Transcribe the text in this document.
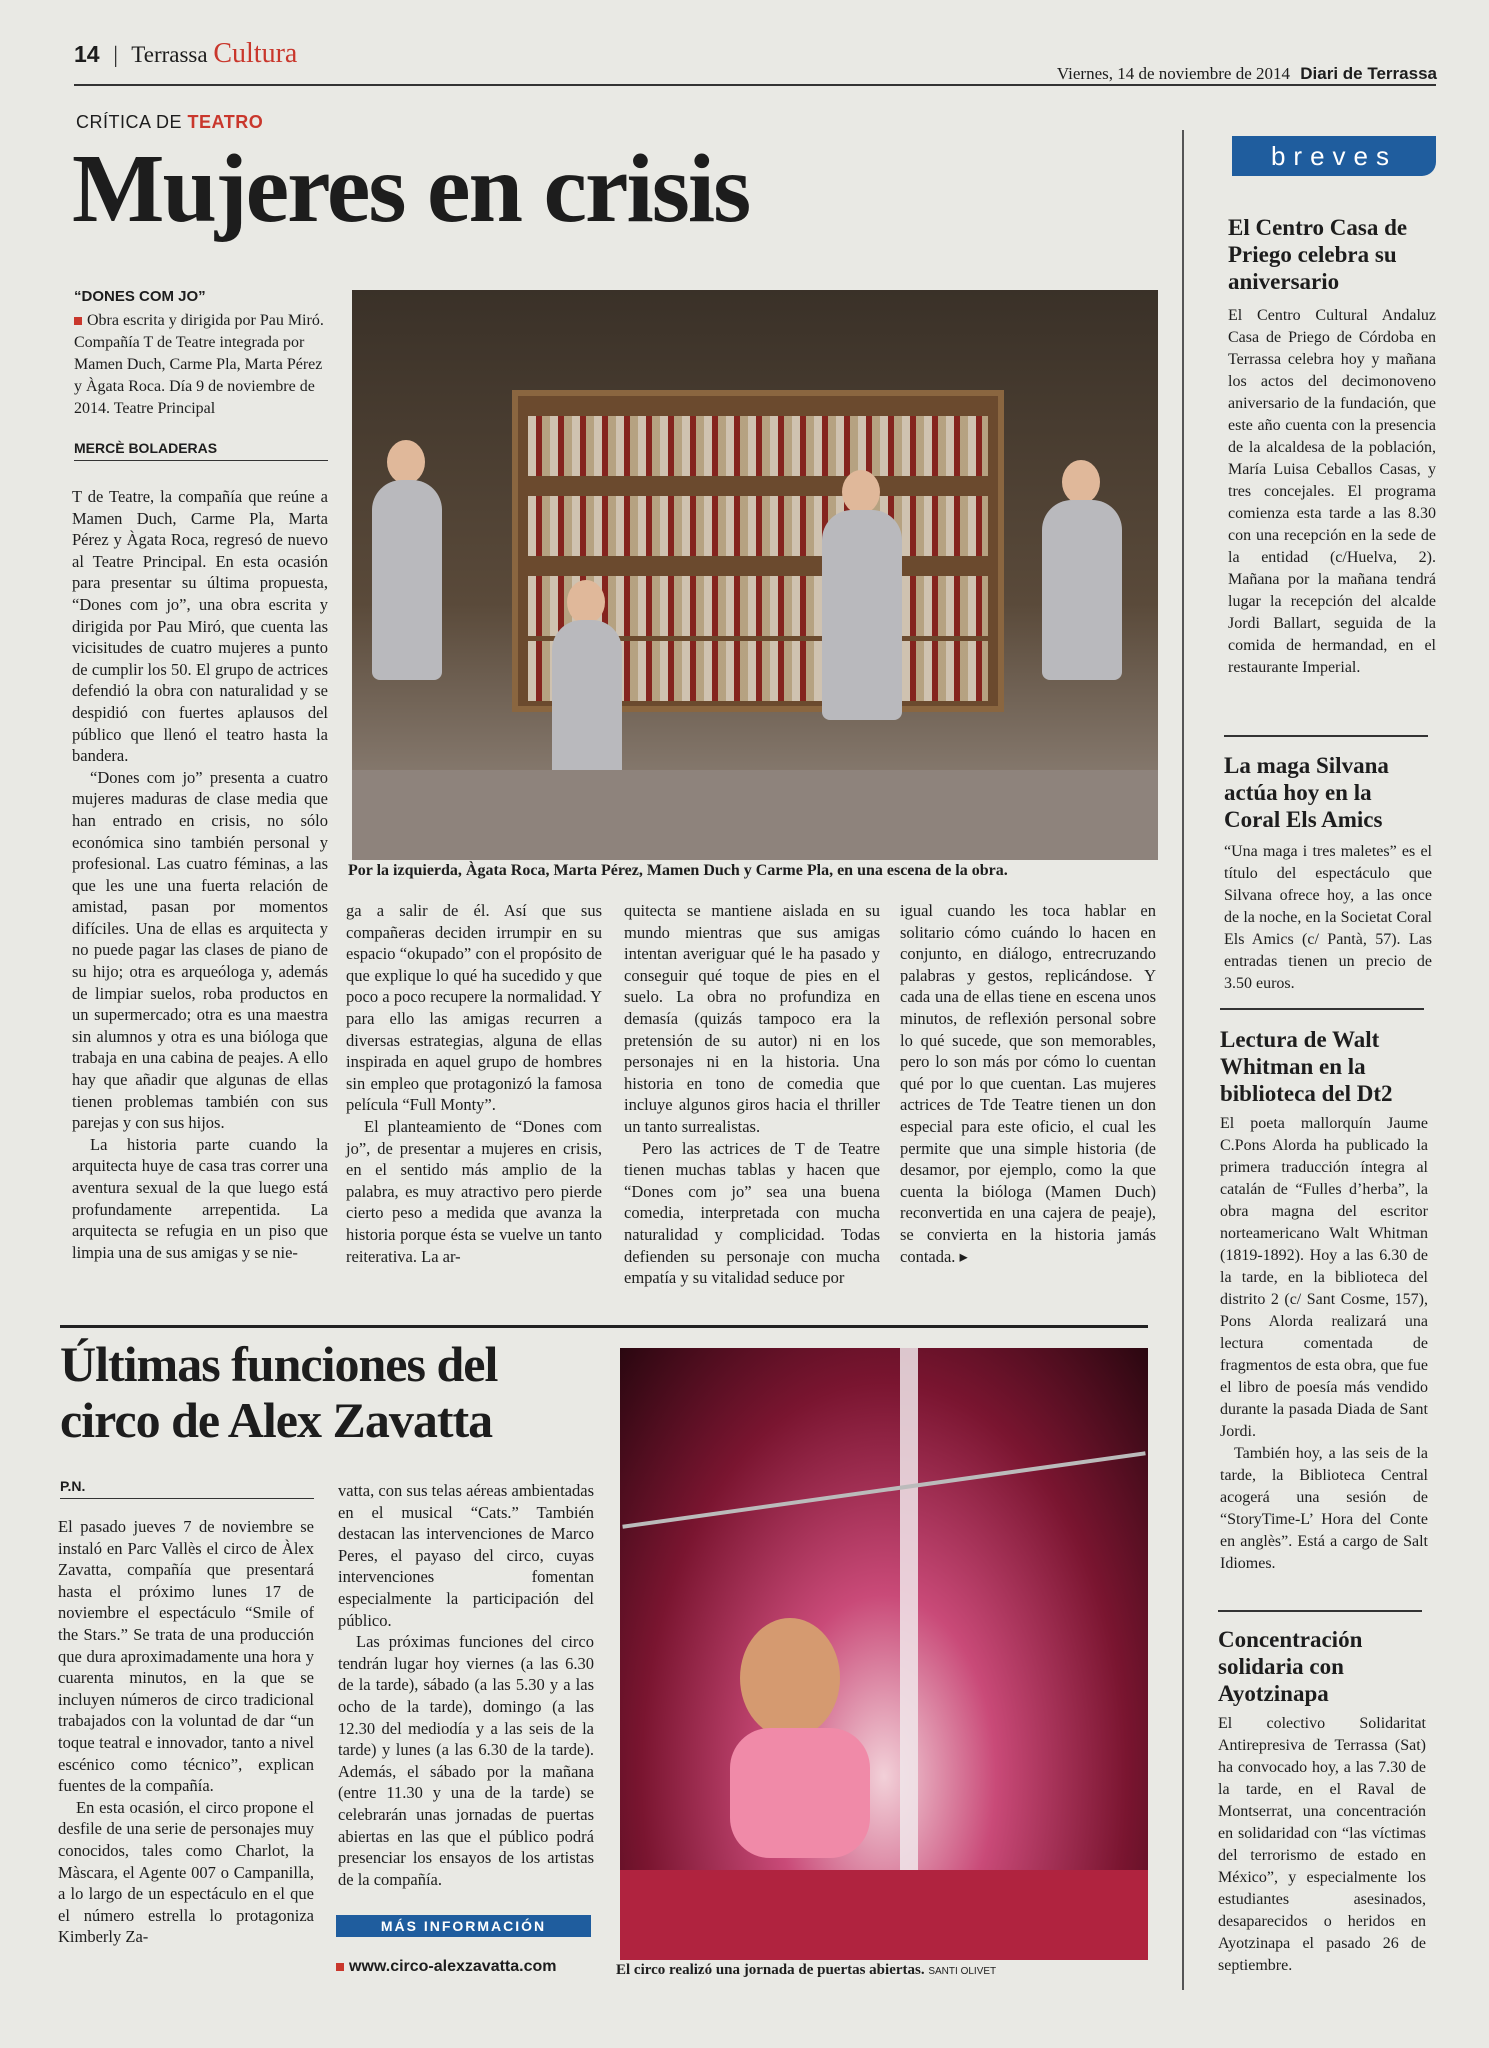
14 | Terrassa Cultura
Viernes, 14 de noviembre de 2014 Diari de Terrassa
CRÍTICA DE TEATRO
Mujeres en crisis
“DONES COM JO”
Obra escrita y dirigida por Pau Miró. Compañía T de Teatre integrada por Mamen Duch, Carme Pla, Marta Pérez y Àgata Roca. Día 9 de noviembre de 2014. Teatre Principal
MERCÈ BOLADERAS

T de Teatre, la compañía que reúne a Mamen Duch, Carme Pla, Marta Pérez y Àgata Roca, regresó de nuevo al Teatre Principal. En esta ocasión para presentar su última propuesta, “Dones com jo”, una obra escrita y dirigida por Pau Miró, que cuenta las vicisitudes de cuatro mujeres a punto de cumplir los 50. El grupo de actrices defendió la obra con naturalidad y se despidió con fuertes aplausos del público que llenó el teatro hasta la bandera.

“Dones com jo” presenta a cuatro mujeres maduras de clase media que han entrado en crisis, no sólo económica sino también personal y profesional. Las cuatro féminas, a las que les une una fuerta relación de amistad, pasan por momentos difíciles. Una de ellas es arquitecta y no puede pagar las clases de piano de su hijo; otra es arqueóloga y, además de limpiar suelos, roba productos en un supermercado; otra es una maestra sin alumnos y otra es una bióloga que trabaja en una cabina de peajes. A ello hay que añadir que algunas de ellas tienen problemas también con sus parejas y con sus hijos.

La historia parte cuando la arquitecta huye de casa tras correr una aventura sexual de la que luego está profundamente arrepentida. La arquitecta se refugia en un piso que limpia una de sus amigas y se nie-

Por la izquierda, Àgata Roca, Marta Pérez, Mamen Duch y Carme Pla, en una escena de la obra.

ga a salir de él. Así que sus compañeras deciden irrumpir en su espacio “okupado” con el propósito de que explique lo qué ha sucedido y que poco a poco recupere la normalidad. Y para ello las amigas recurren a diversas estrategias, alguna de ellas inspirada en aquel grupo de hombres sin empleo que protagonizó la famosa película “Full Monty”.

El planteamiento de “Dones com jo”, de presentar a mujeres en crisis, en el sentido más amplio de la palabra, es muy atractivo pero pierde cierto peso a medida que avanza la historia porque ésta se vuelve un tanto reiterativa. La ar-

quitecta se mantiene aislada en su mundo mientras que sus amigas intentan averiguar qué le ha pasado y conseguir qué toque de pies en el suelo. La obra no profundiza en demasía (quizás tampoco era la pretensión de su autor) ni en los personajes ni en la historia. Una historia en tono de comedia que incluye algunos giros hacia el thriller un tanto surrealistas.

Pero las actrices de T de Teatre tienen muchas tablas y hacen que “Dones com jo” sea una buena comedia, interpretada con mucha naturalidad y complicidad. Todas defienden su personaje con mucha empatía y su vitalidad seduce por

igual cuando les toca hablar en solitario cómo cuándo lo hacen en conjunto, en diálogo, entrecruzando palabras y gestos, replicándose. Y cada una de ellas tiene en escena unos minutos, de reflexión personal sobre lo qué sucede, que son memorables, pero lo son más por cómo lo cuentan qué por lo que cuentan. Las mujeres actrices de Tde Teatre tienen un don especial para este oficio, el cual les permite que una simple historia (de desamor, por ejemplo, como la que cuenta la bióloga (Mamen Duch) reconvertida en una cajera de peaje), se convierta en la historia jamás contada. ▸

Últimas funciones del
circo de Alex Zavatta
P.N.

El pasado jueves 7 de noviembre se instaló en Parc Vallès el circo de Àlex Zavatta, compañía que presentará hasta el próximo lunes 17 de noviembre el espectáculo “Smile of the Stars.” Se trata de una producción que dura aproximadamente una hora y cuarenta minutos, en la que se incluyen números de circo tradicional trabajados con la voluntad de dar “un toque teatral e innovador, tanto a nivel escénico como técnico”, explican fuentes de la compañía.

En esta ocasión, el circo propone el desfile de una serie de personajes muy conocidos, tales como Charlot, la Màscara, el Agente 007 o Campanilla, a lo largo de un espectáculo en el que el número estrella lo protagoniza Kimberly Za-

vatta, con sus telas aéreas ambientadas en el musical “Cats.” También destacan las intervenciones de Marco Peres, el payaso del circo, cuyas intervenciones fomentan especialmente la participación del público.

Las próximas funciones del circo tendrán lugar hoy viernes (a las 6.30 de la tarde), sábado (a las 5.30 y a las ocho de la tarde), domingo (a las 12.30 del mediodía y a las seis de la tarde) y lunes (a las 6.30 de la tarde). Además, el sábado por la mañana (entre 11.30 y una de la tarde) se celebrarán unas jornadas de puertas abiertas en las que el público podrá presenciar los ensayos de los artistas de la compañía.

MÁS INFORMACIÓN
www.circo-alexzavatta.com	El circo realizó una jornada de puertas abiertas. SANTI OLIVET
breves
El Centro Casa de Priego celebra su aniversario

El Centro Cultural Andaluz Casa de Priego de Córdoba en Terrassa celebra hoy y mañana los actos del decimonoveno aniversario de la fundación, que este año cuenta con la presencia de la alcaldesa de la población, María Luisa Ceballos Casas, y tres concejales. El programa comienza esta tarde a las 8.30 con una recepción en la sede de la entidad (c/Huelva, 2). Mañana por la mañana tendrá lugar la recepción del alcalde Jordi Ballart, seguida de la comida de hermandad, en el restaurante Imperial.

La maga Silvana actúa hoy en la Coral Els Amics

“Una maga i tres maletes” es el título del espectáculo que Silvana ofrece hoy, a las once de la noche, en la Societat Coral Els Amics (c/ Pantà, 57). Las entradas tienen un precio de 3.50 euros.

Lectura de Walt Whitman en la biblioteca del Dt2

El poeta mallorquín Jaume C.Pons Alorda ha publicado la primera traducción íntegra al catalán de “Fulles d’herba”, la obra magna del escritor norteamericano Walt Whitman (1819-1892). Hoy a las 6.30 de la tarde, en la biblioteca del distrito 2 (c/ Sant Cosme, 157), Pons Alorda realizará una lectura comentada de fragmentos de esta obra, que fue el libro de poesía más vendido durante la pasada Diada de Sant Jordi.

También hoy, a las seis de la tarde, la Biblioteca Central acogerá una sesión de “StoryTime-L’ Hora del Conte en anglès”. Está a cargo de Salt Idiomes.

Concentración solidaria con Ayotzinapa

El colectivo Solidaritat Antirepresiva de Terrassa (Sat) ha convocado hoy, a las 7.30 de la tarde, en el Raval de Montserrat, una concentración en solidaridad con “las víctimas del terrorismo de estado en México”, y especialmente los estudiantes asesinados, desaparecidos o heridos en Ayotzinapa el pasado 26 de septiembre.
